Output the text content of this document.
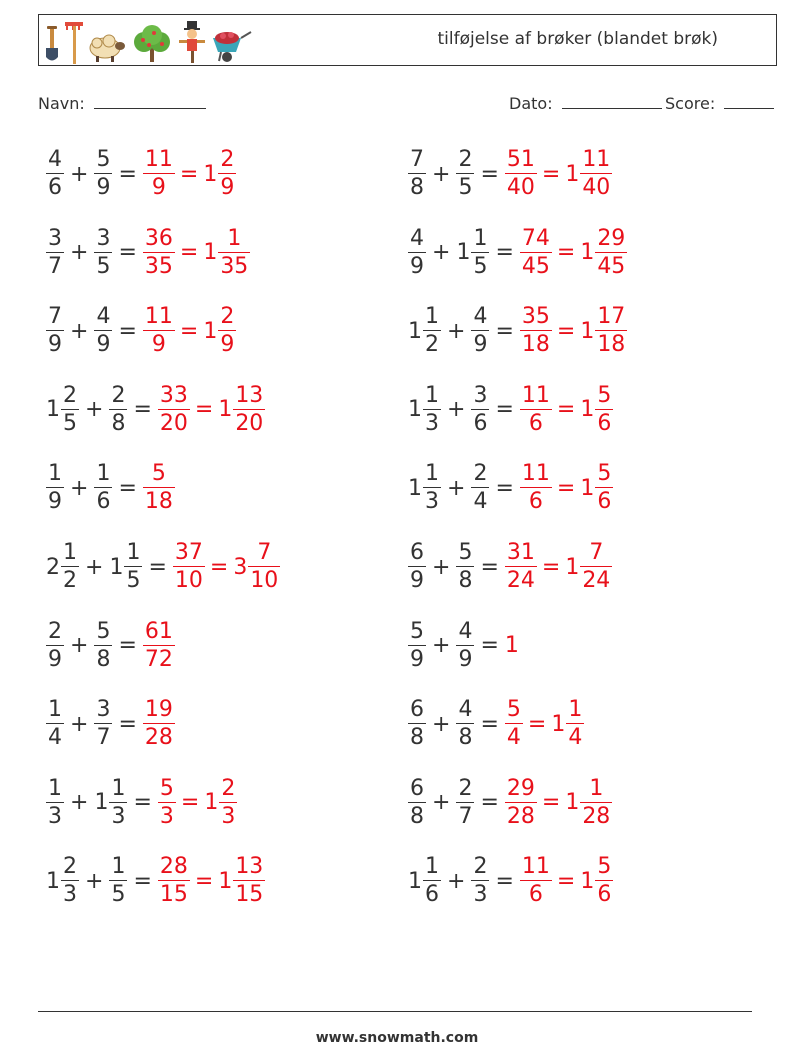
tilføjelse af brøker (blandet brøk)
Navn:	Dato:	Score:
$\frac{4}{6} + \frac{5}{9} = \frac{11}{9} = 1 \frac{2}{9}$	$\frac{7}{8} + \frac{2}{5} = \frac{51}{40} = 1 \frac{11}{40}$
$\frac{3}{7} + \frac{3}{5} = \frac{36}{35} = 1 \frac{1}{35}$	$\frac{4}{9} + 1 \frac{1}{5} = \frac{74}{45} = 1 \frac{29}{45}$
$\frac{7}{9} + \frac{4}{9} = \frac{11}{9} = 1 \frac{2}{9}$	$1 \frac{1}{2} + \frac{4}{9} = \frac{35}{18} = 1 \frac{17}{18}$
$1 \frac{2}{5} + \frac{2}{8} = \frac{33}{20} = 1 \frac{13}{20}$	$1 \frac{1}{3} + \frac{3}{6} = \frac{11}{6} = 1 \frac{5}{6}$
$\frac{1}{9} + \frac{1}{6} = \frac{5}{18}$	$1 \frac{1}{3} + \frac{2}{4} = \frac{11}{6} = 1 \frac{5}{6}$
$2 \frac{1}{2} + 1 \frac{1}{5} = \frac{37}{10} = 3 \frac{7}{10}$	$\frac{6}{9} + \frac{5}{8} = \frac{31}{24} = 1 \frac{7}{24}$
$\frac{2}{9} + \frac{5}{8} = \frac{61}{72}$	$\frac{5}{9} + \frac{4}{9} = 1$
$\frac{1}{4} + \frac{3}{7} = \frac{19}{28}$	$\frac{6}{8} + \frac{4}{8} = \frac{5}{4} = 1 \frac{1}{4}$
$\frac{1}{3} + 1 \frac{1}{3} = \frac{5}{3} = 1 \frac{2}{3}$	$\frac{6}{8} + \frac{2}{7} = \frac{29}{28} = 1 \frac{1}{28}$
$1 \frac{2}{3} + \frac{1}{5} = \frac{28}{15} = 1 \frac{13}{15}$	$1 \frac{1}{6} + \frac{2}{3} = \frac{11}{6} = 1 \frac{5}{6}$
www.snowmath.com
